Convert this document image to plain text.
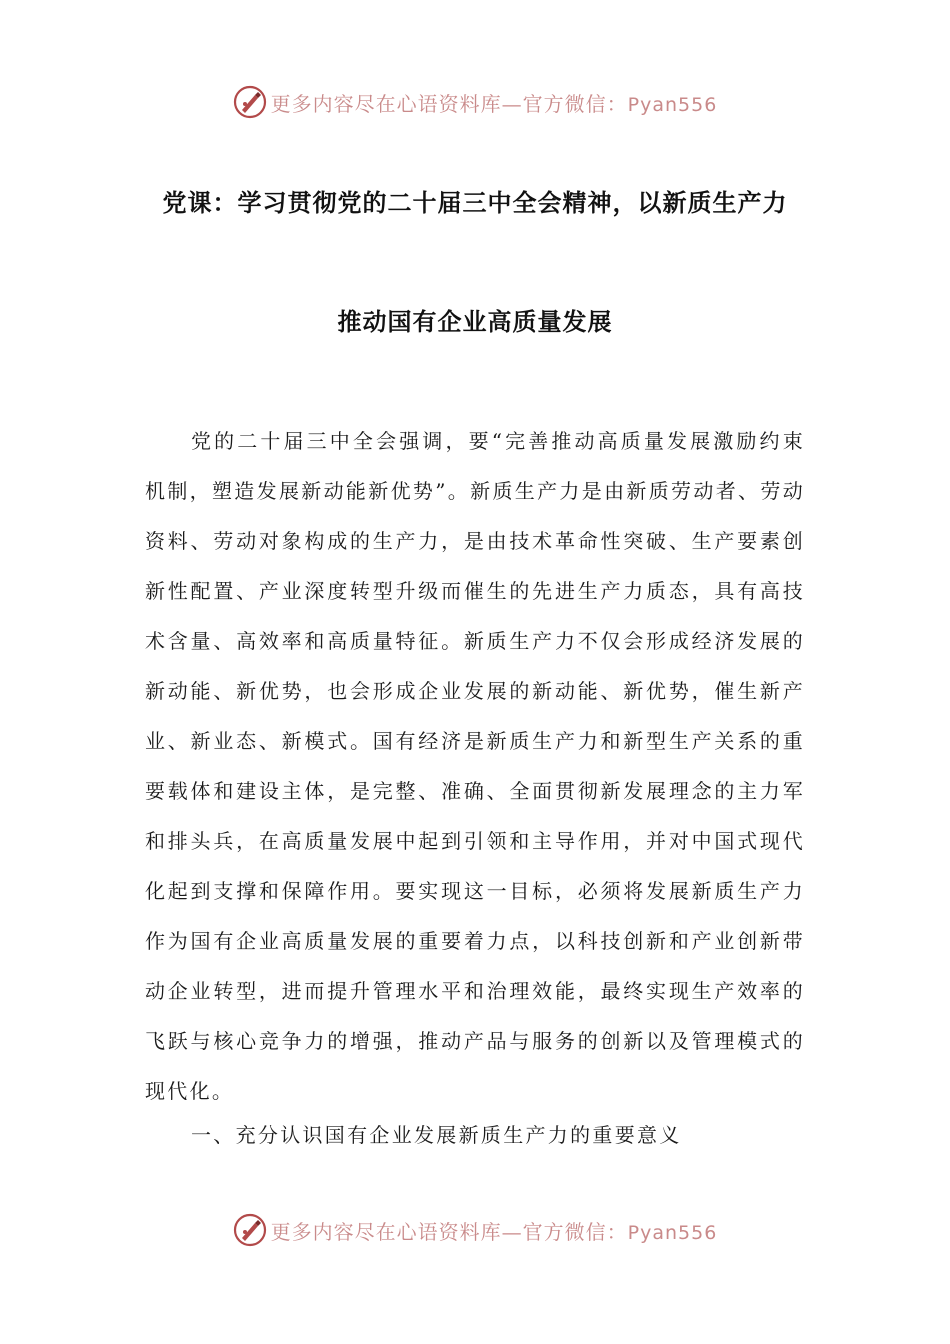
更多内容尽在心语资料库—官方微信：Pyan556
党课：学习贯彻党的二十届三中全会精神，以新质生产力
推动国有企业高质量发展

党的二十届三中全会强调，要“完善推动高质量发展激励约束机制，塑造发展新动能新优势”。新质生产力是由新质劳动者、劳动资料、劳动对象构成的生产力，是由技术革命性突破、生产要素创新性配置、产业深度转型升级而催生的先进生产力质态，具有高技术含量、高效率和高质量特征。新质生产力不仅会形成经济发展的新动能、新优势，也会形成企业发展的新动能、新优势，催生新产业、新业态、新模式。国有经济是新质生产力和新型生产关系的重要载体和建设主体，是完整、准确、全面贯彻新发展理念的主力军和排头兵，在高质量发展中起到引领和主导作用，并对中国式现代化起到支撑和保障作用。要实现这一目标，必须将发展新质生产力作为国有企业高质量发展的重要着力点，以科技创新和产业创新带动企业转型，进而提升管理水平和治理效能，最终实现生产效率的飞跃与核心竞争力的增强，推动产品与服务的创新以及管理模式的现代化。

一、充分认识国有企业发展新质生产力的重要意义

更多内容尽在心语资料库—官方微信：Pyan556
